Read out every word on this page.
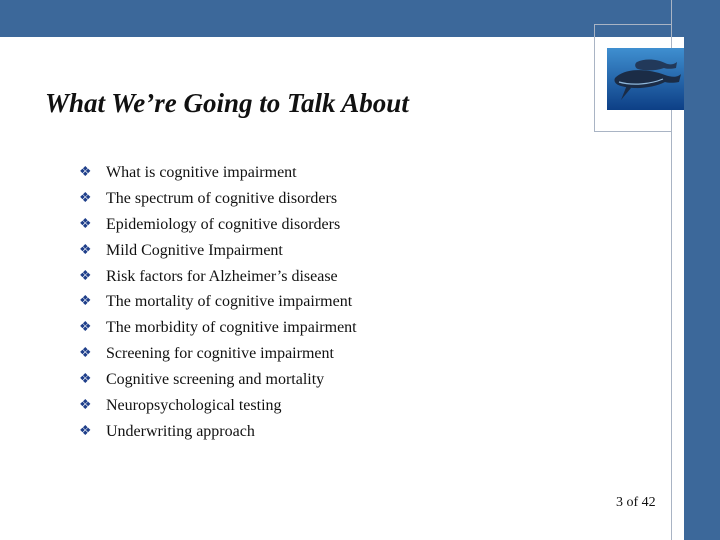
What We’re Going to Talk About
❖ What is cognitive impairment
❖ The spectrum of cognitive disorders
❖ Epidemiology of cognitive disorders
❖ Mild Cognitive Impairment
❖ Risk factors for Alzheimer’s disease
❖ The mortality of cognitive impairment
❖ The morbidity of cognitive impairment
❖ Screening for cognitive impairment
❖ Cognitive screening and mortality
❖ Neuropsychological testing
❖ Underwriting approach
3 of 42
